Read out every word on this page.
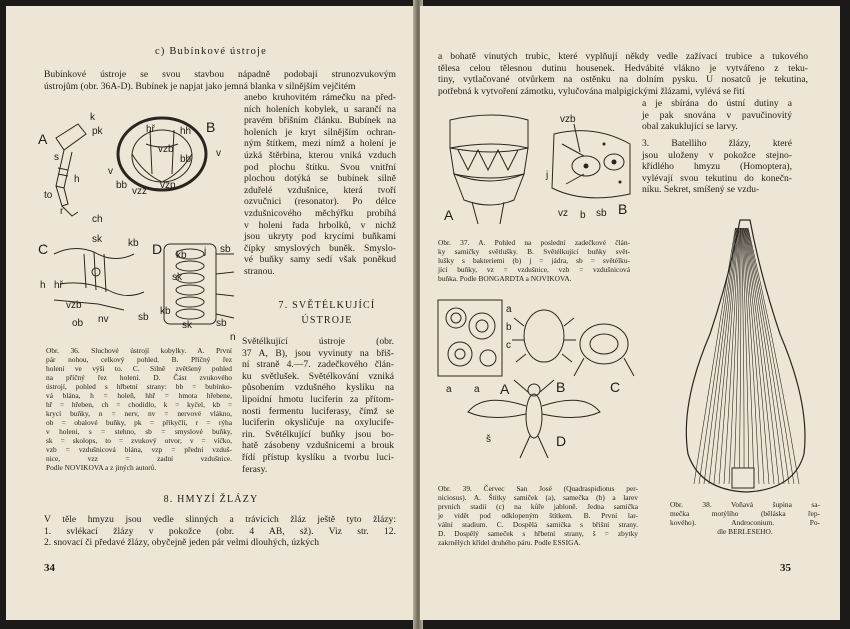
c) Bubínkové ústroje
Bubínkové ústroje se svou stavbou nápadně podobají strunozvukovým
ústrojům (obr. 36A-D). Bubínek je napjat jako jemná blanka v silnějším vejčitém
anebo kruhovitém rámečku na před-
ních holeních kobylek, u sarančí na
pravém břišním článku. Bubínek na
holeních je kryt silnějším ochran-
ným štítkem, mezi nímž a holení je
úzká štěrbina, kterou vniká vzduch
pod plochu štítku. Svou vnitřní
plochou dotýká se bubínek silně
zduřelé vzdušnice, která tvoří
ozvučnici (resonator). Po délce
vzdušnicového měchýřku probíhá
v holeni řada hrbolků, v nichž
jsou ukryty pod krycími buňkami
čípky smyslových buněk. Smyslo-
vé buňky samy sedí však poněkud
stranou.
A
k
pk	B
hř	hh
vzb
bb
v
s
h
to
r
bb
vzz
vzp
v
ch
C
sk	kb D kb j sb
h hř
sk
vzb
ob nv	sb
kb
sk sb
n
Obr. 36. Sluchové ústrojí kobylky. A. První
pár nohou, celkový pohled. B. Příčný řez
holení ve výši to. C. Silně zvětšený pohled
na příčný řez holení. D. Část zvukového
ústrojí, pohled s hřbetní strany: bb = bubínko-
vá blána, h = holeň, hhř = hmota hřebene,
hř = hřeben, ch = chodidlo, k = kyčel, kb =
krycí buňky, n = nerv, nv = nervové vlákno,
ob = obalové buňky, pk = příkyčlí, r = rýha
v holeni, s = stehno, sb = smyslové buňky,
sk = skolops, to = zvukový otvor, v = víčko,
vzb = vzdušnicová blána, vzp = přední vzduš-
nice, vzz = zadní vzdušnice.
Podle NOVIKOVA a z jiných autorů.
7. SVĚTÉLKUJÍCÍ
ÚSTROJE
Světélkující ústroje (obr.
37 A, B), jsou vyvinuty na břiš-
ní straně 4.—7. zadečkového člán-
ku světlušek. Světélkování vzniká
působením vzdušného kyslíku na
lipoidní hmotu luciferin za přítom-
nosti fermentu luciferasy, čímž se
luciferin okysličuje na oxylucife-
rin. Světélkující buňky jsou bo-
hatě zásobeny vzdušnicemi a brouk
řídí přístup kyslíku a tvorbu luci-
ferasy.
8. HMYZÍ ŽLÁZY
V těle hmyzu jsou vedle slinných a trávicích žláz ještě tyto žlázy:
1. svlékací žlázy v pokožce (obr. 4 AB, sž). Viz str. 12.
2. snovací či předavé žlázy, obyčejně jeden pár velmi dlouhých, úzkých
34
a bohatě vinutých trubic, které vyplňují někdy vedle zažívací trubice a tukového
tělesa celou tělesnou dutinu housenek. Hedvábité vlákno je vytvářeno z teku-
tiny, vytlačované otvůrkem na ostěnku na dolním pysku. U nosatců je tekutina,
potřebná k vytvoření zámotku, vylučována malpigickými žlázami, vylévá se řití
a je sbírána do ústní dutiny a
je pak snována v pavučinovitý
obal zakuklující se larvy.
3. Batelliho žlázy, které
jsou uloženy v pokožce stejno-
křídlého hmyzu (Homoptera),
vylévají svou tekutinu do konečn-
níku. Sekret, smíšený se vzdu-
vzb
j
A	vz b sb B
Obr. 37. A. Pohled na poslední zadečkové člán-
ky samičky světlušky. B. Světélkující buňky svět-
lušky s bakteriemi (b) j = jádra, sb = světélku-
jící buňky, vz = vzdušnice, vzb = vzdušnicová
buňka. Podle BONGARDTA a NOVIKOVA.
a
b
c
a a A	B	C
š	D
Obr. 39. Červec San José (Quadraspidiotus per-
niciosus). A. Štítky samiček (a), samečka (b) a larev
prvních stadií (c) na kůře jabloně. Jedna samička
je vidět pod odklopeným štítkem. B. První lar-
vální stadium. C. Dospělá samička s břišní strany.
D. Dospělý sameček s hřbetní strany, š = zbytky
zakrnělých křídel druhého páru. Podle ESSIGA.
Obr. 38. Voňavá šupina sa-
mečka motýlího (běláska řep-
kového). Androconium. Po-
dle BERLESEHO.
35
